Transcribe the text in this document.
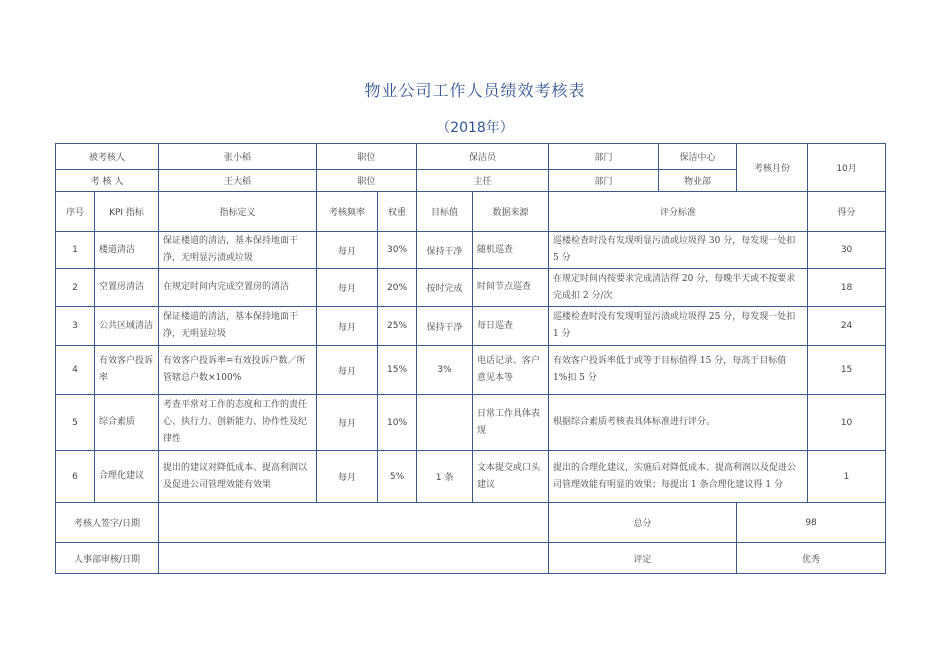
物业公司工作人员绩效考核表
（2018年）
被考核人		张小稻	职位		保洁员		部门	保洁中心	考核月份	10月
考 核 人		王大稻	职位		主任		部门	物业部		
序号	KPI 指标	指标定义	考核频率	权重	目标值	数据来源	评分标准			得分
1	楼道清洁	保证楼道的清洁，基本保持地面干净，无明显污渍或垃圾	每月	30%	保持干净	随机巡查	巡楼检查时没有发现明显污渍或垃圾得 30 分，每发现一处扣 5 分			30
2	空置房清洁	在规定时间内完成空置房的清洁	每月	20%	按时完成	时间节点巡查	在规定时间内按要求完成清洁得 20 分，每晚半天或不按要求完成扣 2 分/次			18
3	公共区域清洁	保证楼道的清洁，基本保持地面干净，无明显垃圾	每月	25%	保持干净	每日巡查	巡楼检查时没有发现明显污渍或垃圾得 25 分，每发现一处扣 1 分			24
4	有效客户投诉率	有效客户投诉率=有效投诉户数／所管辖总户数×100%	每月	15%	3%	电话记录、客户意见本等	有效客户投诉率低于或等于目标值得 15 分，每高于目标值 1%扣 5 分			15
5	综合素质	考查平常对工作的态度和工作的责任心、执行力、创新能力、协作性及纪律性	每月	10%		日常工作具体表现	根据综合素质考核表具体标准进行评分。			10
6	合理化建议	提出的建议对降低成本、提高利润以及促进公司管理效能有效果	每月	5%	1 条	文本提交或口头建议	提出的合理化建议，实施后对降低成本、提高利润以及促进公司管理效能有明显的效果；每提出 1 条合理化建议得 1 分			1
考核人签字/日期							总分		98	
人事部审核/日期							评定		优秀	
